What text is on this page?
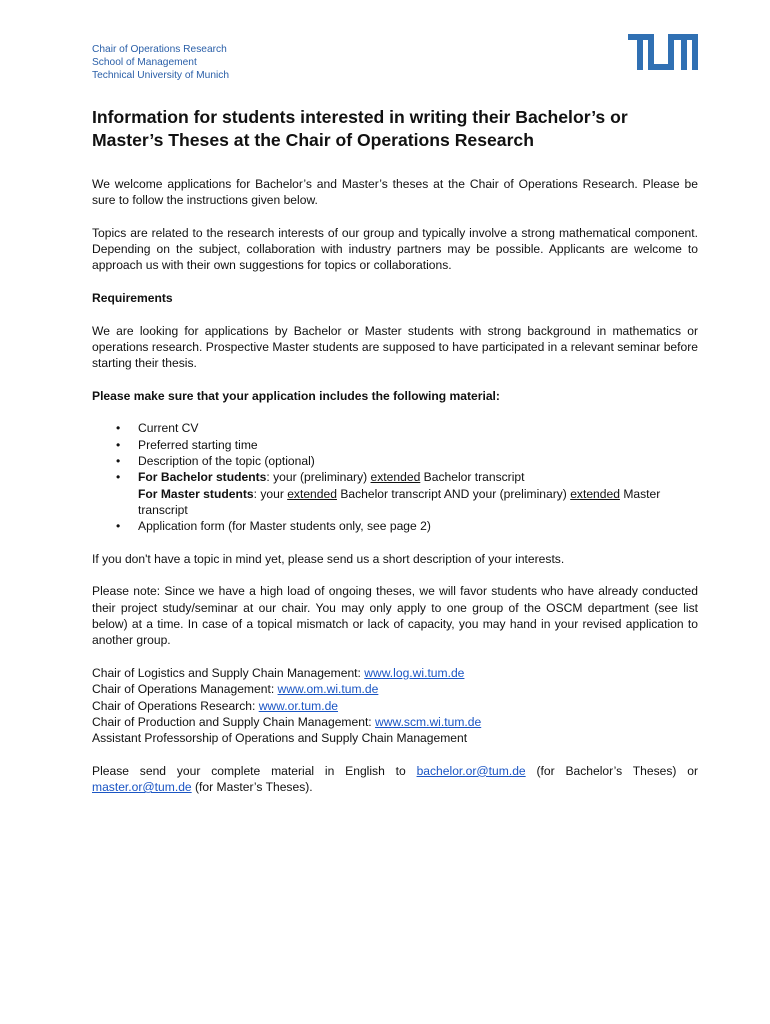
Chair of Operations Research
School of Management
Technical University of Munich
Information for students interested in writing their Bachelor’s or Master’s Theses at the Chair of Operations Research

We welcome applications for Bachelor’s and Master’s theses at the Chair of Operations Research. Please be sure to follow the instructions given below.

Topics are related to the research interests of our group and typically involve a strong mathematical component. Depending on the subject, collaboration with industry partners may be possible. Applicants are welcome to approach us with their own suggestions for topics or collaborations.

Requirements

We are looking for applications by Bachelor or Master students with strong background in mathematics or operations research. Prospective Master students are supposed to have participated in a relevant seminar before starting their thesis.

Please make sure that your application includes the following material:

• Current CV
• Preferred starting time
• Description of the topic (optional)
• For Bachelor students: your (preliminary) extended Bachelor transcript
For Master students: your extended Bachelor transcript AND your (preliminary) extended Master transcript
• Application form (for Master students only, see page 2)

If you don't have a topic in mind yet, please send us a short description of your interests.

Please note: Since we have a high load of ongoing theses, we will favor students who have already conducted their project study/seminar at our chair. You may only apply to one group of the OSCM department (see list below) at a time. In case of a topical mismatch or lack of capacity, you may hand in your revised application to another group.

Chair of Logistics and Supply Chain Management: www.log.wi.tum.de
Chair of Operations Management: www.om.wi.tum.de
Chair of Operations Research: www.or.tum.de
Chair of Production and Supply Chain Management: www.scm.wi.tum.de
Assistant Professorship of Operations and Supply Chain Management

Please send your complete material in English to bachelor.or@tum.de (for Bachelor’s Theses) or master.or@tum.de (for Master’s Theses).
